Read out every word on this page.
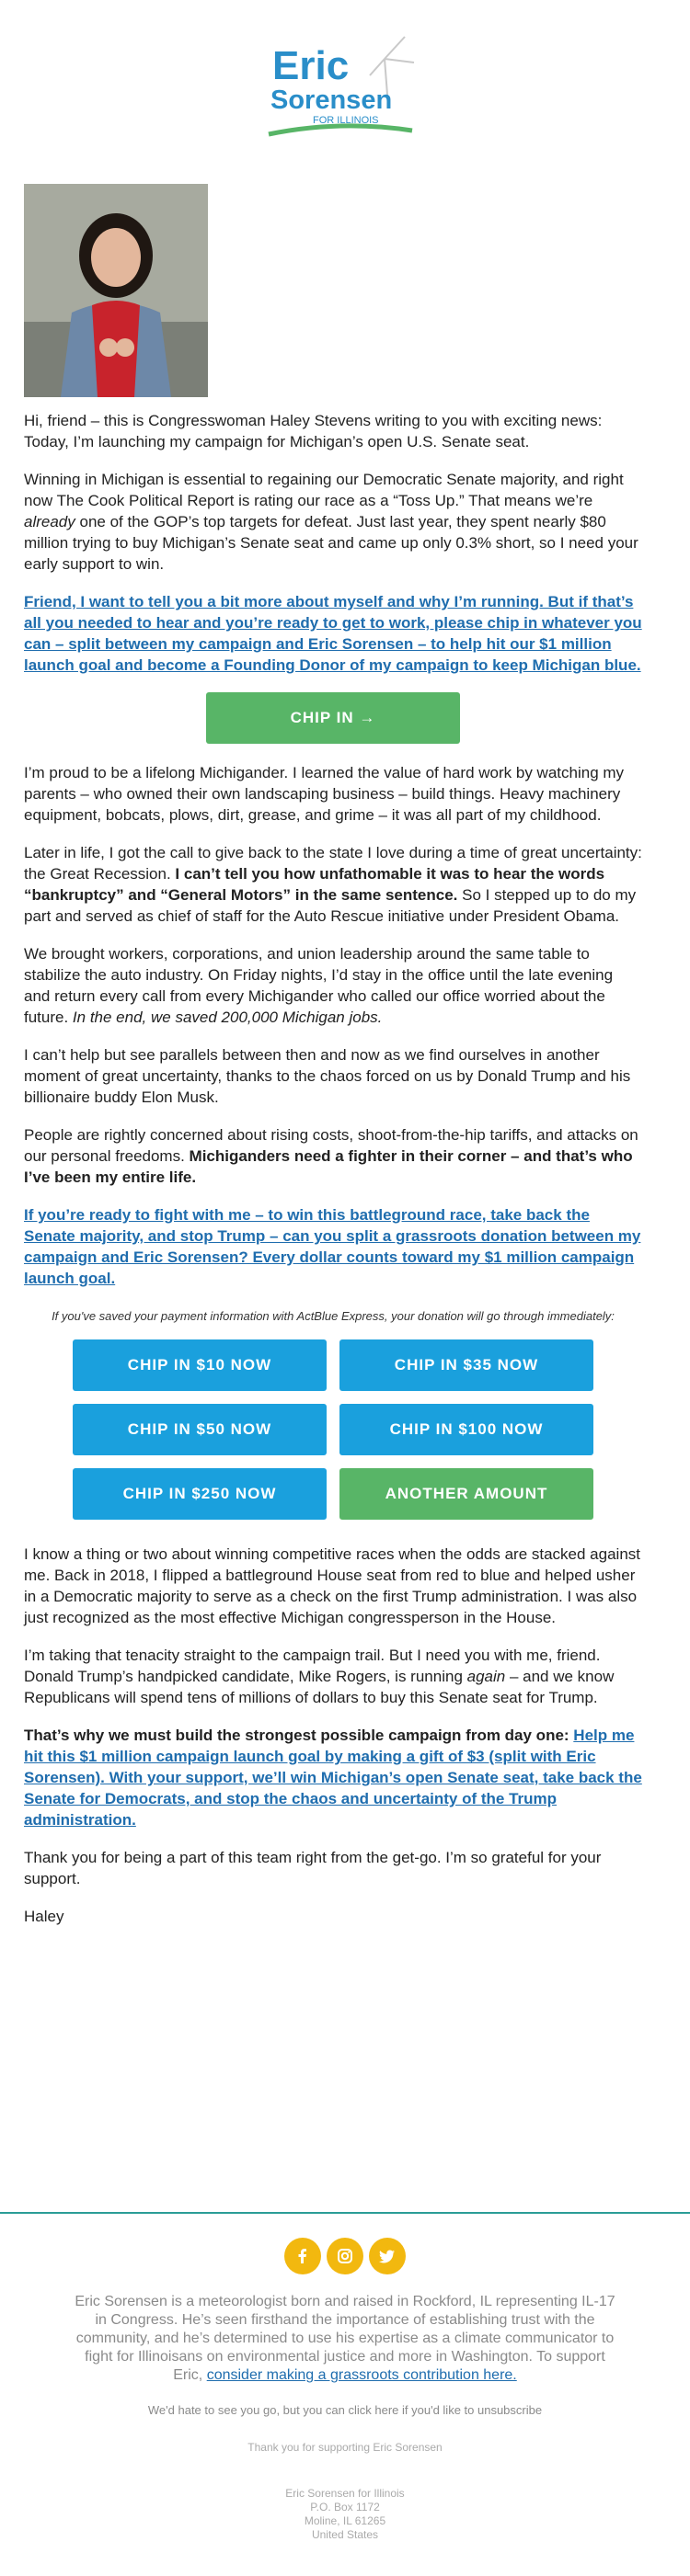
Eric
Sorensen
FOR ILLINOIS

Hi, friend – this is Congresswoman Haley Stevens writing to you with exciting news: Today, I’m launching my campaign for Michigan’s open U.S. Senate seat.

Winning in Michigan is essential to regaining our Democratic Senate majority, and right now The Cook Political Report is rating our race as a “Toss Up.” That means we’re already one of the GOP’s top targets for defeat. Just last year, they spent nearly $80 million trying to buy Michigan’s Senate seat and came up only 0.3% short, so I need your early support to win.

Friend, I want to tell you a bit more about myself and why I’m running. But if that’s all you needed to hear and you’re ready to get to work, please chip in whatever you can – split between my campaign and Eric Sorensen – to help hit our $1 million launch goal and become a Founding Donor of my campaign to keep Michigan blue.

CHIP IN →

I’m proud to be a lifelong Michigander. I learned the value of hard work by watching my parents – who owned their own landscaping business – build things. Heavy machinery equipment, bobcats, plows, dirt, grease, and grime – it was all part of my childhood.

Later in life, I got the call to give back to the state I love during a time of great uncertainty: the Great Recession. I can’t tell you how unfathomable it was to hear the words “bankruptcy” and “General Motors” in the same sentence. So I stepped up to do my part and served as chief of staff for the Auto Rescue initiative under President Obama.

We brought workers, corporations, and union leadership around the same table to stabilize the auto industry. On Friday nights, I’d stay in the office until the late evening and return every call from every Michigander who called our office worried about the future. In the end, we saved 200,000 Michigan jobs.

I can’t help but see parallels between then and now as we find ourselves in another moment of great uncertainty, thanks to the chaos forced on us by Donald Trump and his billionaire buddy Elon Musk.

People are rightly concerned about rising costs, shoot-from-the-hip tariffs, and attacks on our personal freedoms. Michiganders need a fighter in their corner – and that’s who I’ve been my entire life.

If you’re ready to fight with me – to win this battleground race, take back the Senate majority, and stop Trump – can you split a grassroots donation between my campaign and Eric Sorensen? Every dollar counts toward my $1 million campaign launch goal.

If you've saved your payment information with ActBlue Express, your donation will go through immediately:

CHIP IN $10 NOW	CHIP IN $35 NOW
CHIP IN $50 NOW	CHIP IN $100 NOW
CHIP IN $250 NOW	ANOTHER AMOUNT

I know a thing or two about winning competitive races when the odds are stacked against me. Back in 2018, I flipped a battleground House seat from red to blue and helped usher in a Democratic majority to serve as a check on the first Trump administration. I was also just recognized as the most effective Michigan congressperson in the House.

I’m taking that tenacity straight to the campaign trail. But I need you with me, friend. Donald Trump’s handpicked candidate, Mike Rogers, is running again – and we know Republicans will spend tens of millions of dollars to buy this Senate seat for Trump.

That’s why we must build the strongest possible campaign from day one: Help me hit this $1 million campaign launch goal by making a gift of $3 (split with Eric Sorensen). With your support, we’ll win Michigan’s open Senate seat, take back the Senate for Democrats, and stop the chaos and uncertainty of the Trump administration.

Thank you for being a part of this team right from the get-go. I’m so grateful for your support.

Haley

Eric Sorensen is a meteorologist born and raised in Rockford, IL representing IL-17 in Congress. He’s seen firsthand the importance of establishing trust with the community, and he’s determined to use his expertise as a climate communicator to fight for Illinoisans on environmental justice and more in Washington. To support Eric, consider making a grassroots contribution here.
We'd hate to see you go, but you can click here if you'd like to unsubscribe
Thank you for supporting Eric Sorensen
Eric Sorensen for Illinois
P.O. Box 1172
Moline, IL 61265
United States
